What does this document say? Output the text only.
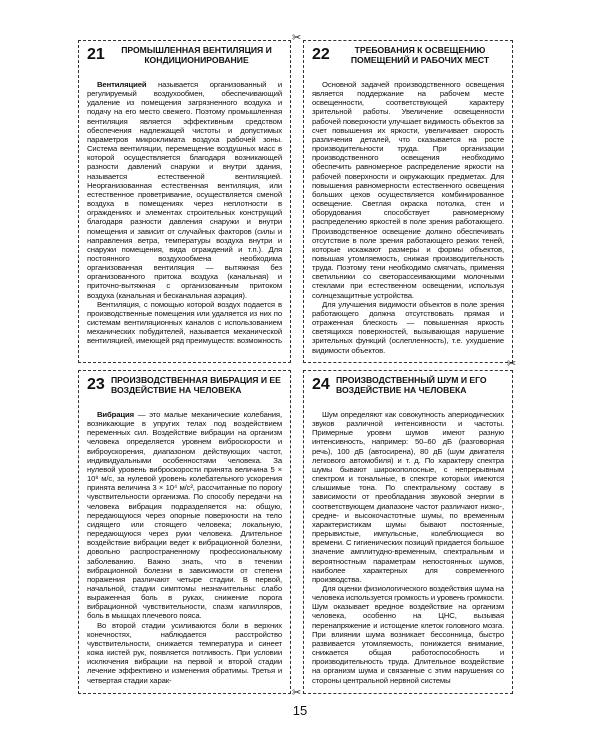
21	ПРОМЫШЛЕННАЯ ВЕНТИЛЯЦИЯ И КОНДИЦИОНИРОВАНИЕ

Вентиляцией называется организованный и регулируемый воздухообмен, обеспечивающий удаление из помещения загрязненного воздуха и подачу на его место свежего. Поэтому промышленная вентиляция является эффективным средством обеспечения надлежащей чистоты и допустимых параметров микроклимата воздуха рабочей зоны. Система вентиляции, перемещение воздушных масс в которой осуществляется благодаря возникающей разности давлений снаружи и внутри здания, называется естественной вентиляцией. Неорганизованная естественная вентиляция, или естественное проветривание, осуществляется сменой воздуха в помещениях через неплотности в ограждениях и элементах строительных конструкций благодаря разности давления снаружи и внутри помещения и зависит от случайных факторов (силы и направления ветра, температуры воздуха внутри и снаружи помещения, вида ограждений и т.п.). Для постоянного воздухообмена необходима организованная вентиляция — вытяжная без организованного притока воздуха (канальная) и приточно-вытяжная с организованным притоком воздуха (канальная и бесканальная аэрация).

Вентиляция, с помощью которой воздух подается в производственные помещения или удаляется из них по системам вентиляционных каналов с использованием механических побудителей, называется механической вентиляцией, имеющей ряд преимуществ: возможность

22	ТРЕБОВАНИЯ К ОСВЕЩЕНИЮ ПОМЕЩЕНИЙ И РАБОЧИХ МЕСТ

Основной задачей производственного освещения является поддержание на рабочем месте освещенности, соответствующей характеру зрительной работы. Увеличение освещенности рабочей поверхности улучшает видимость объектов за счет повышения их яркости, увеличивает скорость различения деталей, что сказывается на росте производительности труда. При организации производственного освещения необходимо обеспечить равномерное распределение яркости на рабочей поверхности и окружающих предметах. Для повышения равномерности естественного освещения больших цехов осуществляется комбинированное освещение. Светлая окраска потолка, стен и оборудования способствует равномерному распределению яркостей в поле зрения работающего. Производственное освещение должно обеспечивать отсутствие в поле зрения работающего резких теней, которые искажают размеры и формы объектов, повышая утомляемость, снижая производительность труда. Поэтому тени необходимо смягчать, применяя светильники со светорассеивающими молочными стеклами при естественном освещении, используя солнцезащитные устройства.

Для улучшения видимости объектов в поле зрения работающего должна отсутствовать прямая и отраженная блескость — повышенная яркость светящихся поверхностей, вызывающая нарушение зрительных функций (ослепленность), т.е. ухудшение видимости объектов.

23 ПРОИЗВОДСТВЕННАЯ ВИБРАЦИЯ И ЕЕ ВОЗДЕЙСТВИЕ НА ЧЕЛОВЕКА

Вибрация — это малые механические колебания, возникающие в упругих телах под воздействием переменных сил. Воздействие вибрации на организм человека определяется уровнем виброскорости и виброускорения, диапазоном действующих частот, индивидуальными особенностями человека. За нулевой уровень виброскорости принята величина 5 × 10⁸ м/с, за нулевой уровень колебательного ускорения принята величина 3 × 10⁴ м/с², рассчитанные по порогу чувствительности организма. По способу передачи на человека вибрация подразделяется на: общую, передающуюся через опорные поверхности на тело сидящего или стоящего человека; локальную, передающуюся через руки человека. Длительное воздействие вибрации ведет к вибрационной болезни, довольно распространенному профессиональному заболеванию. Важно знать, что в течении вибрационной болезни в зависимости от степени поражения различают четыре стадии. В первой, начальной, стадии симптомы незначительны: слабо выраженная боль в руках, снижение порога вибрационной чувствительности, спазм капилляров, боль в мышцах плечевого пояса.

Во второй стадии усиливаются боли в верхних конечностях, наблюдается расстройство чувствительности, снижается температура и синеет кожа кистей рук, появляется потливость. При условии исключения вибрации на первой и второй стадии лечение эффективно и изменения обратимы. Третья и четвертая стадии харак-

24 ПРОИЗВОДСТВЕННЫЙ ШУМ И ЕГО ВОЗДЕЙСТВИЕ НА ЧЕЛОВЕКА

Шум определяют как совокупность апериодических звуков различной интенсивности и частоты. Примерные уровни шумов имеют разную интенсивность, например: 50–60 дБ (разговорная речь), 100 дБ (автосирена), 80 дБ (шум двигателя легкового автомобиля) и т. д. По характеру спектра шумы бывают широкополосные, с непрерывным спектром и тональные, в спектре которых имеются слышимые тона. По спектральному составу в зависимости от преобладания звуковой энергии в соответствующем диапазоне частот различают низко-, средне- и высокочастотные шумы, по временным характеристикам шумы бывают постоянные, прерывистые, импульсные, колеблющиеся во времени. С гигиенических позиций придается большое значение амплитудно-временным, спектральным и вероятностным параметрам непостоянных шумов, наиболее характерных для современного производства.

Для оценки физиологического воздействия шума на человека используется громкость и уровень громкости. Шум оказывает вредное воздействие на организм человека, особенно на ЦНС, вызывая перенапряжение и истощение клеток головного мозга. При влиянии шума возникает бессонница, быстро развивается утомляемость, понижается внимание, снижается общая работоспособность и производительность труда. Длительное воздействие на организм шума и связанные с этим нарушения со стороны центральной нервной системы

✂
✂
✂
15
